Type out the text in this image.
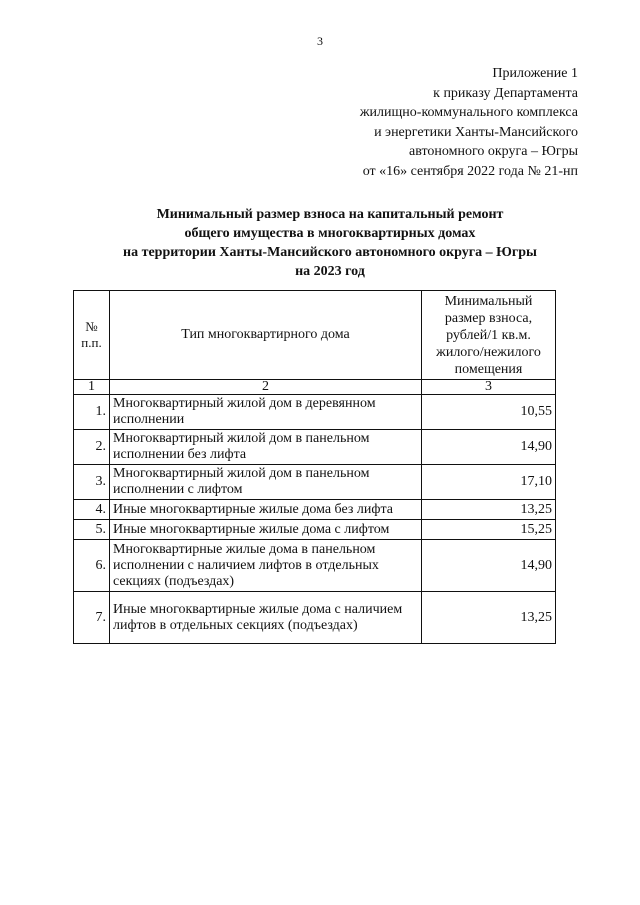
3
Приложение 1
к приказу Департамента
жилищно-коммунального комплекса
и энергетики Ханты-Мансийского
автономного округа – Югры
от «16» сентября 2022 года № 21-нп
Минимальный размер взноса на капитальный ремонт
общего имущества в многоквартирных домах
на территории Ханты-Мансийского автономного округа – Югры
на 2023 год
№
п.п.	Тип многоквартирного дома	Минимальный размер взноса, рублей/1 кв.м. жилого/нежилого помещения
1	2	3
1.	Многоквартирный жилой дом в деревянном исполнении	10,55
2.	Многоквартирный жилой дом в панельном исполнении без лифта	14,90
3.	Многоквартирный жилой дом в панельном исполнении с лифтом	17,10
4.	Иные многоквартирные жилые дома без лифта	13,25
5.	Иные многоквартирные жилые дома с лифтом	15,25
6.	Многоквартирные жилые дома в панельном исполнении с наличием лифтов в отдельных секциях (подъездах)	14,90
7.	Иные многоквартирные жилые дома с наличием лифтов в отдельных секциях (подъездах)	13,25
